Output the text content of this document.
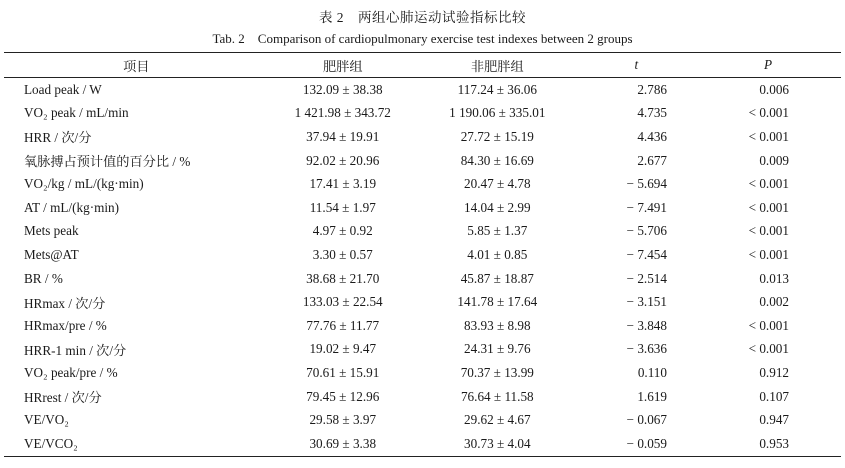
表 2　两组心肺运动试验指标比较
Tab. 2　Comparison of cardiopulmonary exercise test indexes between 2 groups
项目	肥胖组	非肥胖组	t	P
Load peak / W	132.09 ± 38.38	117.24 ± 36.06	2.786	0.006
VO₂ peak / mL/min	1 421.98 ± 343.72	1 190.06 ± 335.01	4.735	< 0.001
HRR / 次/分	37.94 ± 19.91	27.72 ± 15.19	4.436	< 0.001
氧脉搏占预计值的百分比 / %	92.02 ± 20.96	84.30 ± 16.69	2.677	0.009
VO₂/kg / mL/(kg·min)	17.41 ± 3.19	20.47 ± 4.78	− 5.694	< 0.001
AT / mL/(kg·min)	11.54 ± 1.97	14.04 ± 2.99	− 7.491	< 0.001
Mets peak	4.97 ± 0.92	5.85 ± 1.37	− 5.706	< 0.001
Mets@AT	3.30 ± 0.57	4.01 ± 0.85	− 7.454	< 0.001
BR / %	38.68 ± 21.70	45.87 ± 18.87	− 2.514	0.013
HRmax / 次/分	133.03 ± 22.54	141.78 ± 17.64	− 3.151	0.002
HRmax/pre / %	77.76 ± 11.77	83.93 ± 8.98	− 3.848	< 0.001
HRR-1 min / 次/分	19.02 ± 9.47	24.31 ± 9.76	− 3.636	< 0.001
VO₂ peak/pre / %	70.61 ± 15.91	70.37 ± 13.99	0.110	0.912
HRrest / 次/分	79.45 ± 12.96	76.64 ± 11.58	1.619	0.107
VE/VO₂	29.58 ± 3.97	29.62 ± 4.67	− 0.067	0.947
VE/VCO₂	30.69 ± 3.38	30.73 ± 4.04	− 0.059	0.953
